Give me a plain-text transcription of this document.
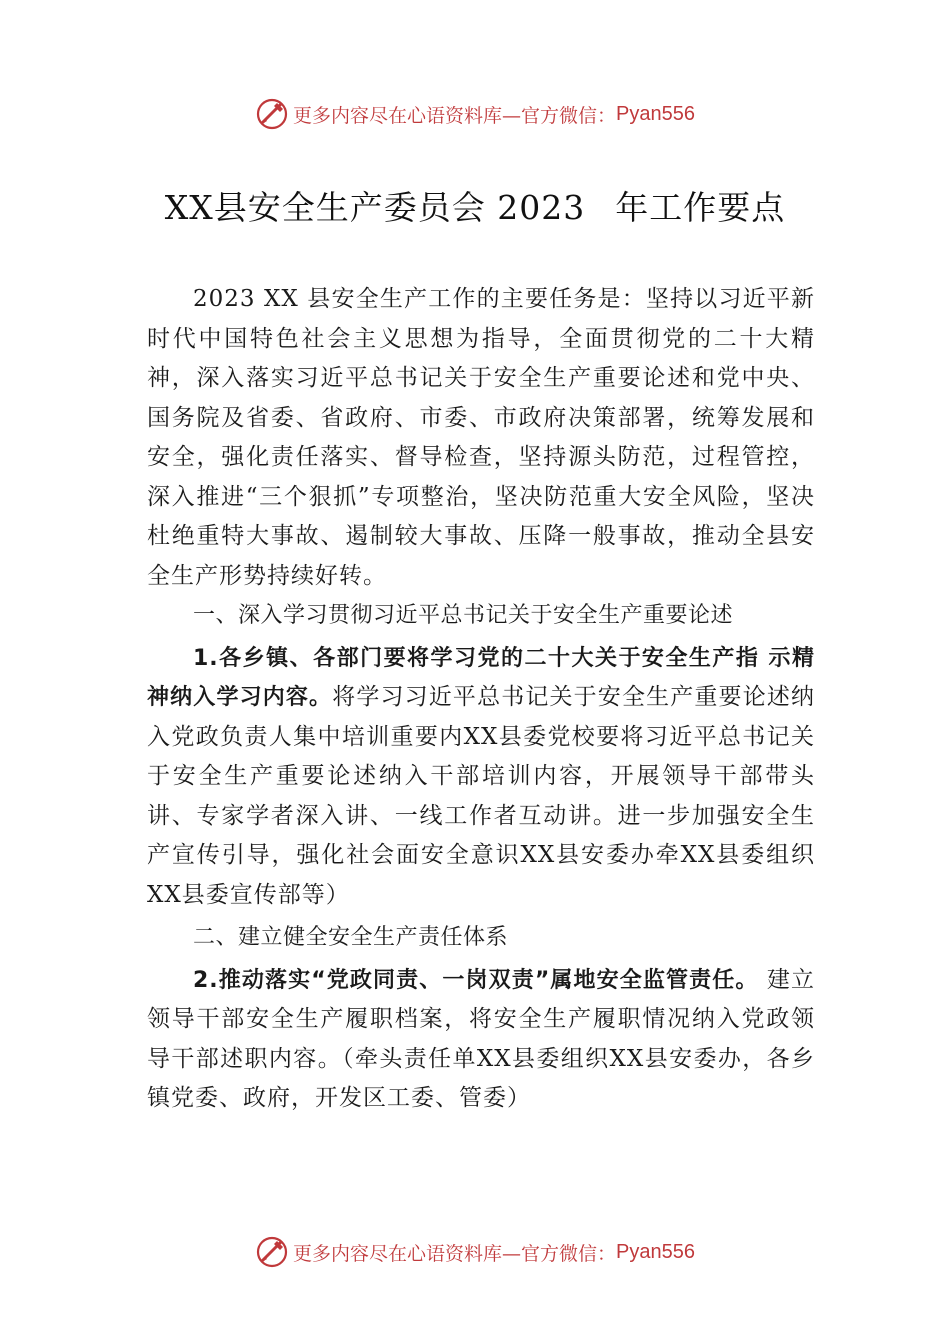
更多内容尽在心语资料库—官方微信： Pyan556
XX县安全生产委员会 2023 年工作要点

2023 XX 县安全生产工作的主要任务是：坚持以习近平新时代中国特色社会主义思想为指导，全面贯彻党的二十大精神，深入落实习近平总书记关于安全生产重要论述和党中央、国务院及省委、省政府、市委、市政府决策部署，统筹发展和安全，强化责任落实、督导检查，坚持源头防范，过程管控，深入推进“三个狠抓”专项整治，坚决防范重大安全风险，坚决杜绝重特大事故、遏制较大事故、压降一般事故，推动全县安全生产形势持续好转。

一、深入学习贯彻习近平总书记关于安全生产重要论述

1.各乡镇、各部门要将学习党的二十大关于安全生产指 示精神纳入学习内容。将学习习近平总书记关于安全生产重要论述纳入党政负责人集中培训重要内XX县委党校要将习近平总书记关于安全生产重要论述纳入干部培训内容，开展领导干部带头讲、专家学者深入讲、一线工作者互动讲。进一步加强安全生产宣传引导，强化社会面安全意识XX县安委办牵XX县委组织XX县委宣传部等）

二、建立健全安全生产责任体系

2.推动落实“党政同责、一岗双责”属地安全监管责任。 建立领导干部安全生产履职档案，将安全生产履职情况纳入党政领导干部述职内容。（牵头责任单XX县委组织XX县安委办，各乡镇党委、政府，开发区工委、管委）

更多内容尽在心语资料库—官方微信： Pyan556
